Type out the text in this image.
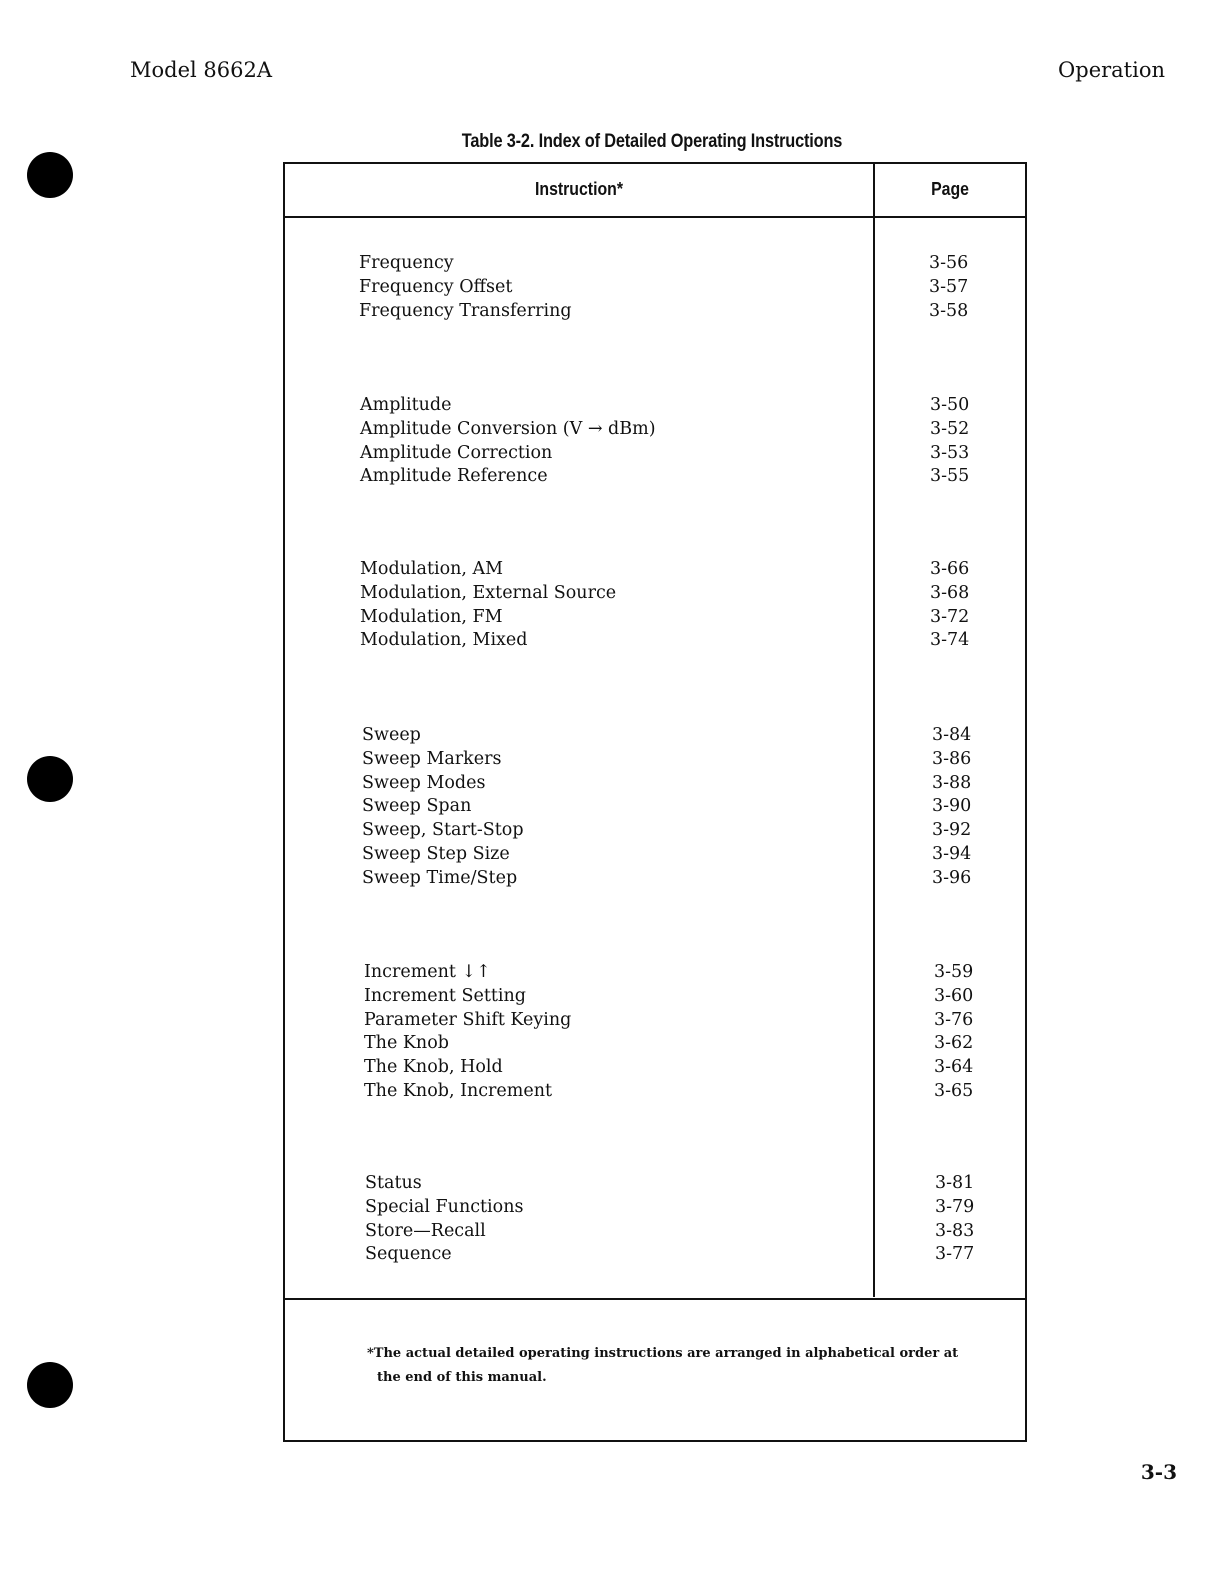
Model 8662A	Operation
Table 3-2. Index of Detailed Operating Instructions
Instruction*	Page
Frequency	3-56
Frequency Offset	3-57
Frequency Transferring	3-58
Amplitude	3-50
Amplitude Conversion (V → dBm)	3-52
Amplitude Correction	3-53
Amplitude Reference	3-55
Modulation, AM	3-66
Modulation, External Source	3-68
Modulation, FM	3-72
Modulation, Mixed	3-74
Sweep	3-84
Sweep Markers	3-86
Sweep Modes	3-88
Sweep Span	3-90
Sweep, Start-Stop	3-92
Sweep Step Size	3-94
Sweep Time/Step	3-96
Increment ↓↑	3-59
Increment Setting	3-60
Parameter Shift Keying	3-76
The Knob	3-62
The Knob, Hold	3-64
The Knob, Increment	3-65
Status	3-81
Special Functions	3-79
Store—Recall	3-83
Sequence	3-77
*The actual detailed operating instructions are arranged in alphabetical order at
the end of this manual.
3-3
